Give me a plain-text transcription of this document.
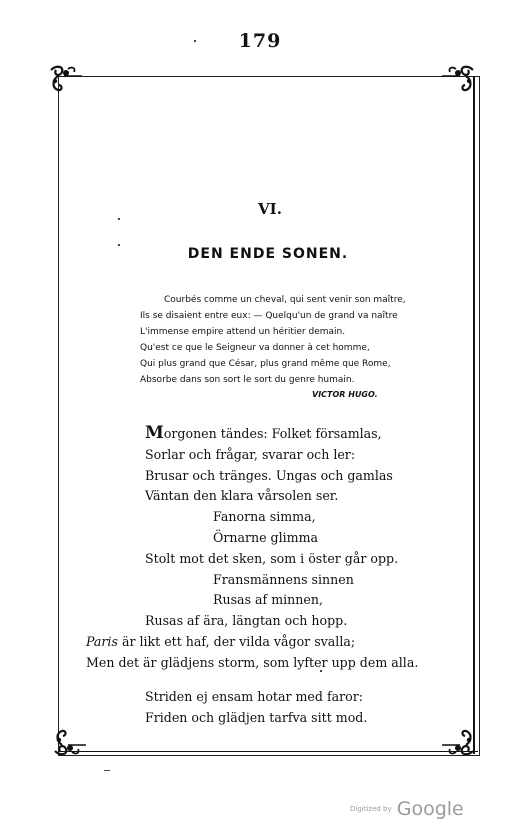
179
VI.
DEN ENDE SONEN.
Courbés comme un cheval, qui sent venir son maître,
Ils se disaient entre eux: — Quelqu'un de grand va naître
L'immense empire attend un héritier demain.
Qu'est ce que le Seigneur va donner à cet homme,
Qui plus grand que César, plus grand même que Rome,
Absorbe dans son sort le sort du genre humain.
VICTOR HUGO.
Morgonen tändes: Folket församlas,
Sorlar och frågar, svarar och ler:
Brusar och tränges. Ungas och gamlas
Väntan den klara vårsolen ser.
Fanorna simma,
Örnarne glimma
Stolt mot det sken, som i öster går opp.
Fransmännens sinnen
Rusas af minnen,
Rusas af ära, längtan och hopp.
Paris är likt ett haf, der vilda vågor svalla;
Men det är glädjens storm, som lyfter upp dem alla.
Striden ej ensam hotar med faror:
Friden och glädjen tarfva sitt mod.
Digitized by Google
